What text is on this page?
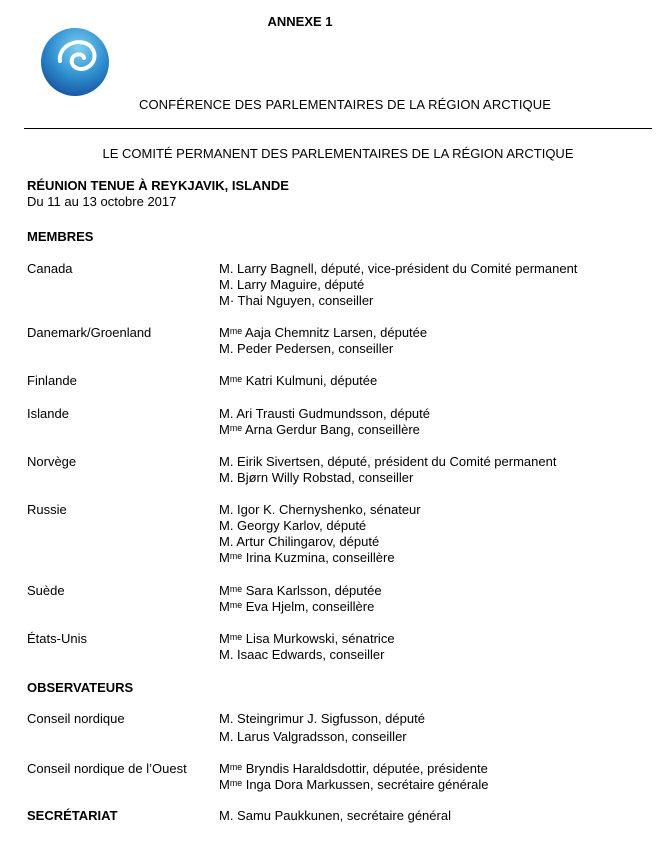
ANNEXE 1
CONFÉRENCE DES PARLEMENTAIRES DE LA RÉGION ARCTIQUE
LE COMITÉ PERMANENT DES PARLEMENTAIRES DE LA RÉGION ARCTIQUE
RÉUNION TENUE À REYKJAVIK, ISLANDE
Du 11 au 13 octobre 2017
MEMBRES
Canada	M. Larry Bagnell, député, vice-président du Comité permanent
M. Larry Maguire, député
M· Thai Nguyen, conseiller
Danemark/Groenland	Mᵐᵉ Aaja Chemnitz Larsen, députée
M. Peder Pedersen, conseiller
Finlande	Mᵐᵉ Katri Kulmuni, députée
Islande	M. Ari Trausti Gudmundsson, député
Mᵐᵉ Arna Gerdur Bang, conseillère
Norvège	M. Eirik Sivertsen, député, président du Comité permanent
M. Bjørn Willy Robstad, conseiller
Russie	M. Igor K. Chernyshenko, sénateur
M. Georgy Karlov, député
M. Artur Chilingarov, député
Mᵐᵉ Irina Kuzmina, conseillère
Suède	Mᵐᵉ Sara Karlsson, députée
Mᵐᵉ Eva Hjelm, conseillère
États-Unis	Mᵐᵉ Lisa Murkowski, sénatrice
M. Isaac Edwards, conseiller
OBSERVATEURS
Conseil nordique	M. Steingrimur J. Sigfusson, député
M. Larus Valgradsson, conseiller
Conseil nordique de l’Ouest Mᵐᵉ Bryndis Haraldsdottir, députée, présidente
Mᵐᵉ Inga Dora Markussen, secrétaire générale
SECRÉTARIAT	M. Samu Paukkunen, secrétaire général
